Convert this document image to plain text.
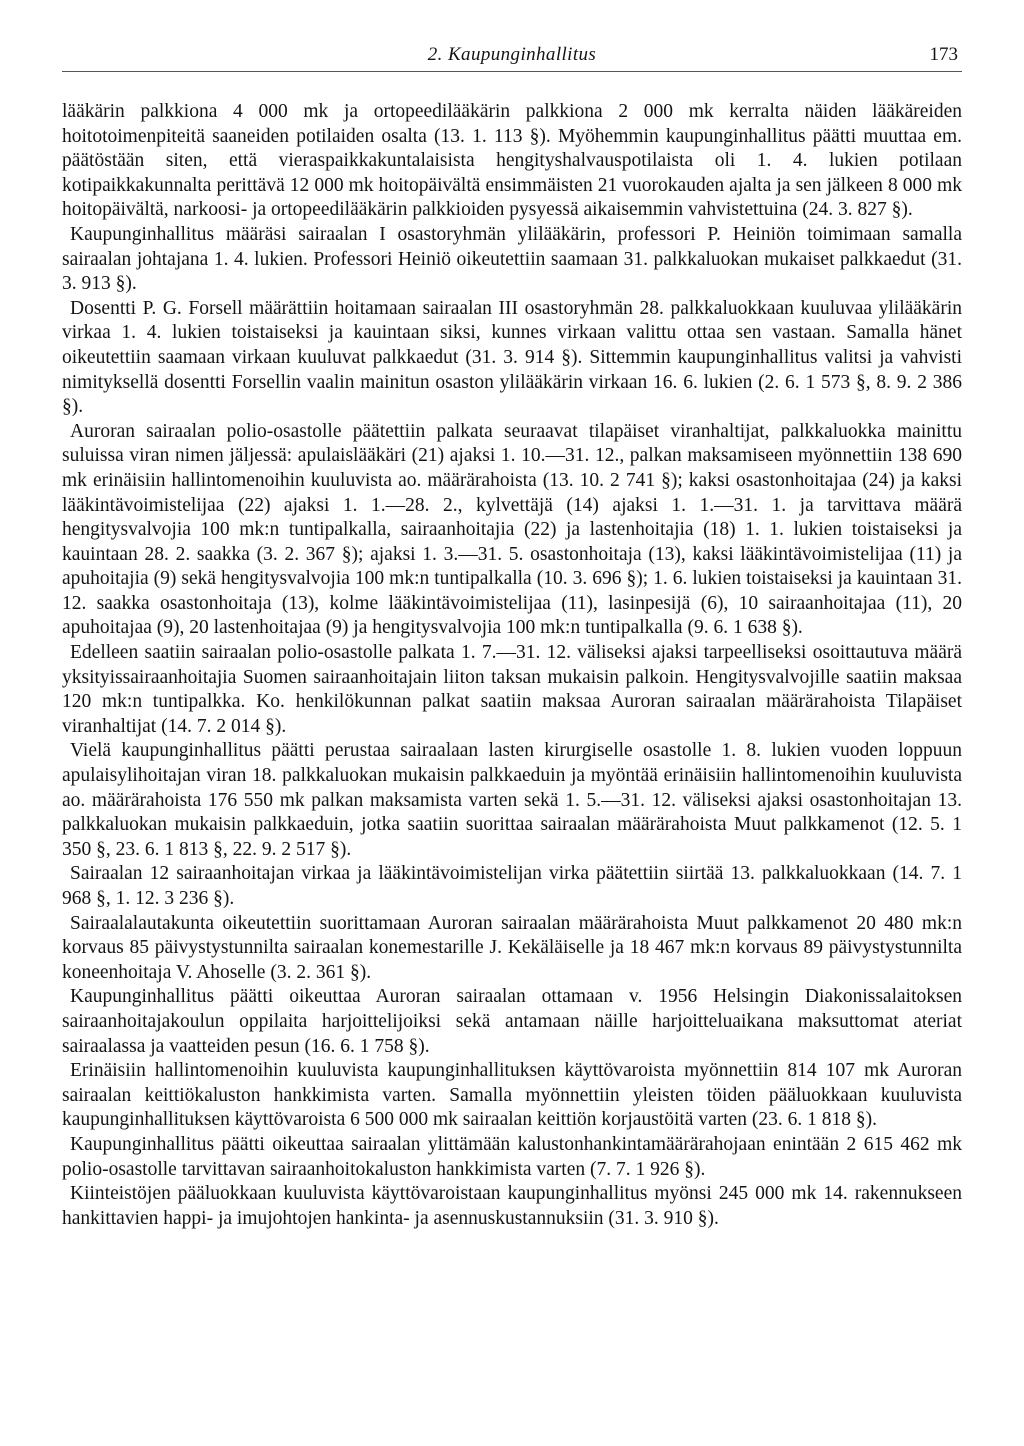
2. Kaupunginhallitus	173

lääkärin palkkiona 4 000 mk ja ortopeedilääkärin palkkiona 2 000 mk kerralta näiden lääkäreiden hoitotoimenpiteitä saaneiden potilaiden osalta (13. 1. 113 §). Myöhemmin kaupunginhallitus päätti muuttaa em. päätöstään siten, että vieraspaikkakuntalaisista hengityshalvauspotilaista oli 1. 4. lukien potilaan kotipaikkakunnalta perittävä 12 000 mk hoitopäivältä ensimmäisten 21 vuorokauden ajalta ja sen jälkeen 8 000 mk hoitopäivältä, narkoosi- ja ortopeedilääkärin palkkioiden pysyessä aikaisemmin vahvistettuina (24. 3. 827 §).

Kaupunginhallitus määräsi sairaalan I osastoryhmän ylilääkärin, professori P. Heiniön toimimaan samalla sairaalan johtajana 1. 4. lukien. Professori Heiniö oikeutettiin saamaan 31. palkkaluokan mukaiset palkkaedut (31. 3. 913 §).

Dosentti P. G. Forsell määrättiin hoitamaan sairaalan III osastoryhmän 28. palkkaluokkaan kuuluvaa ylilääkärin virkaa 1. 4. lukien toistaiseksi ja kauintaan siksi, kunnes virkaan valittu ottaa sen vastaan. Samalla hänet oikeutettiin saamaan virkaan kuuluvat palkkaedut (31. 3. 914 §). Sittemmin kaupunginhallitus valitsi ja vahvisti nimityksellä dosentti Forsellin vaalin mainitun osaston ylilääkärin virkaan 16. 6. lukien (2. 6. 1 573 §, 8. 9. 2 386 §).

Auroran sairaalan polio-osastolle päätettiin palkata seuraavat tilapäiset viranhaltijat, palkkaluokka mainittu suluissa viran nimen jäljessä: apulaislääkäri (21) ajaksi 1. 10.—31. 12., palkan maksamiseen myönnettiin 138 690 mk erinäisiin hallintomenoihin kuuluvista ao. määrärahoista (13. 10. 2 741 §); kaksi osastonhoitajaa (24) ja kaksi lääkintävoimistelijaa (22) ajaksi 1. 1.—28. 2., kylvettäjä (14) ajaksi 1. 1.—31. 1. ja tarvittava määrä hengitysvalvojia 100 mk:n tuntipalkalla, sairaanhoitajia (22) ja lastenhoitajia (18) 1. 1. lukien toistaiseksi ja kauintaan 28. 2. saakka (3. 2. 367 §); ajaksi 1. 3.—31. 5. osastonhoitaja (13), kaksi lääkintävoimistelijaa (11) ja apuhoitajia (9) sekä hengitysvalvojia 100 mk:n tuntipalkalla (10. 3. 696 §); 1. 6. lukien toistaiseksi ja kauintaan 31. 12. saakka osastonhoitaja (13), kolme lääkintävoimistelijaa (11), lasinpesijä (6), 10 sairaanhoitajaa (11), 20 apuhoitajaa (9), 20 lastenhoitajaa (9) ja hengitysvalvojia 100 mk:n tuntipalkalla (9. 6. 1 638 §).

Edelleen saatiin sairaalan polio-osastolle palkata 1. 7.—31. 12. väliseksi ajaksi tarpeelliseksi osoittautuva määrä yksityissairaanhoitajia Suomen sairaanhoitajain liiton taksan mukaisin palkoin. Hengitysvalvojille saatiin maksaa 120 mk:n tuntipalkka. Ko. henkilökunnan palkat saatiin maksaa Auroran sairaalan määrärahoista Tilapäiset viranhaltijat (14. 7. 2 014 §).

Vielä kaupunginhallitus päätti perustaa sairaalaan lasten kirurgiselle osastolle 1. 8. lukien vuoden loppuun apulaisylihoitajan viran 18. palkkaluokan mukaisin palkkaeduin ja myöntää erinäisiin hallintomenoihin kuuluvista ao. määrärahoista 176 550 mk palkan maksamista varten sekä 1. 5.—31. 12. väliseksi ajaksi osastonhoitajan 13. palkkaluokan mukaisin palkkaeduin, jotka saatiin suorittaa sairaalan määrärahoista Muut palkkamenot (12. 5. 1 350 §, 23. 6. 1 813 §, 22. 9. 2 517 §).

Sairaalan 12 sairaanhoitajan virkaa ja lääkintävoimistelijan virka päätettiin siirtää 13. palkkaluokkaan (14. 7. 1 968 §, 1. 12. 3 236 §).

Sairaalalautakunta oikeutettiin suorittamaan Auroran sairaalan määrärahoista Muut palkkamenot 20 480 mk:n korvaus 85 päivystystunnilta sairaalan konemestarille J. Kekäläiselle ja 18 467 mk:n korvaus 89 päivystystunnilta koneenhoitaja V. Ahoselle (3. 2. 361 §).

Kaupunginhallitus päätti oikeuttaa Auroran sairaalan ottamaan v. 1956 Helsingin Diakonissalaitoksen sairaanhoitajakoulun oppilaita harjoittelijoiksi sekä antamaan näille harjoitteluaikana maksuttomat ateriat sairaalassa ja vaatteiden pesun (16. 6. 1 758 §).

Erinäisiin hallintomenoihin kuuluvista kaupunginhallituksen käyttövaroista myönnettiin 814 107 mk Auroran sairaalan keittiökaluston hankkimista varten. Samalla myönnettiin yleisten töiden pääluokkaan kuuluvista kaupunginhallituksen käyttövaroista 6 500 000 mk sairaalan keittiön korjaustöitä varten (23. 6. 1 818 §).

Kaupunginhallitus päätti oikeuttaa sairaalan ylittämään kalustonhankintamäärärahojaan enintään 2 615 462 mk polio-osastolle tarvittavan sairaanhoitokaluston hankkimista varten (7. 7. 1 926 §).

Kiinteistöjen pääluokkaan kuuluvista käyttövaroistaan kaupunginhallitus myönsi 245 000 mk 14. rakennukseen hankittavien happi- ja imujohtojen hankinta- ja asennuskustannuksiin (31. 3. 910 §).
